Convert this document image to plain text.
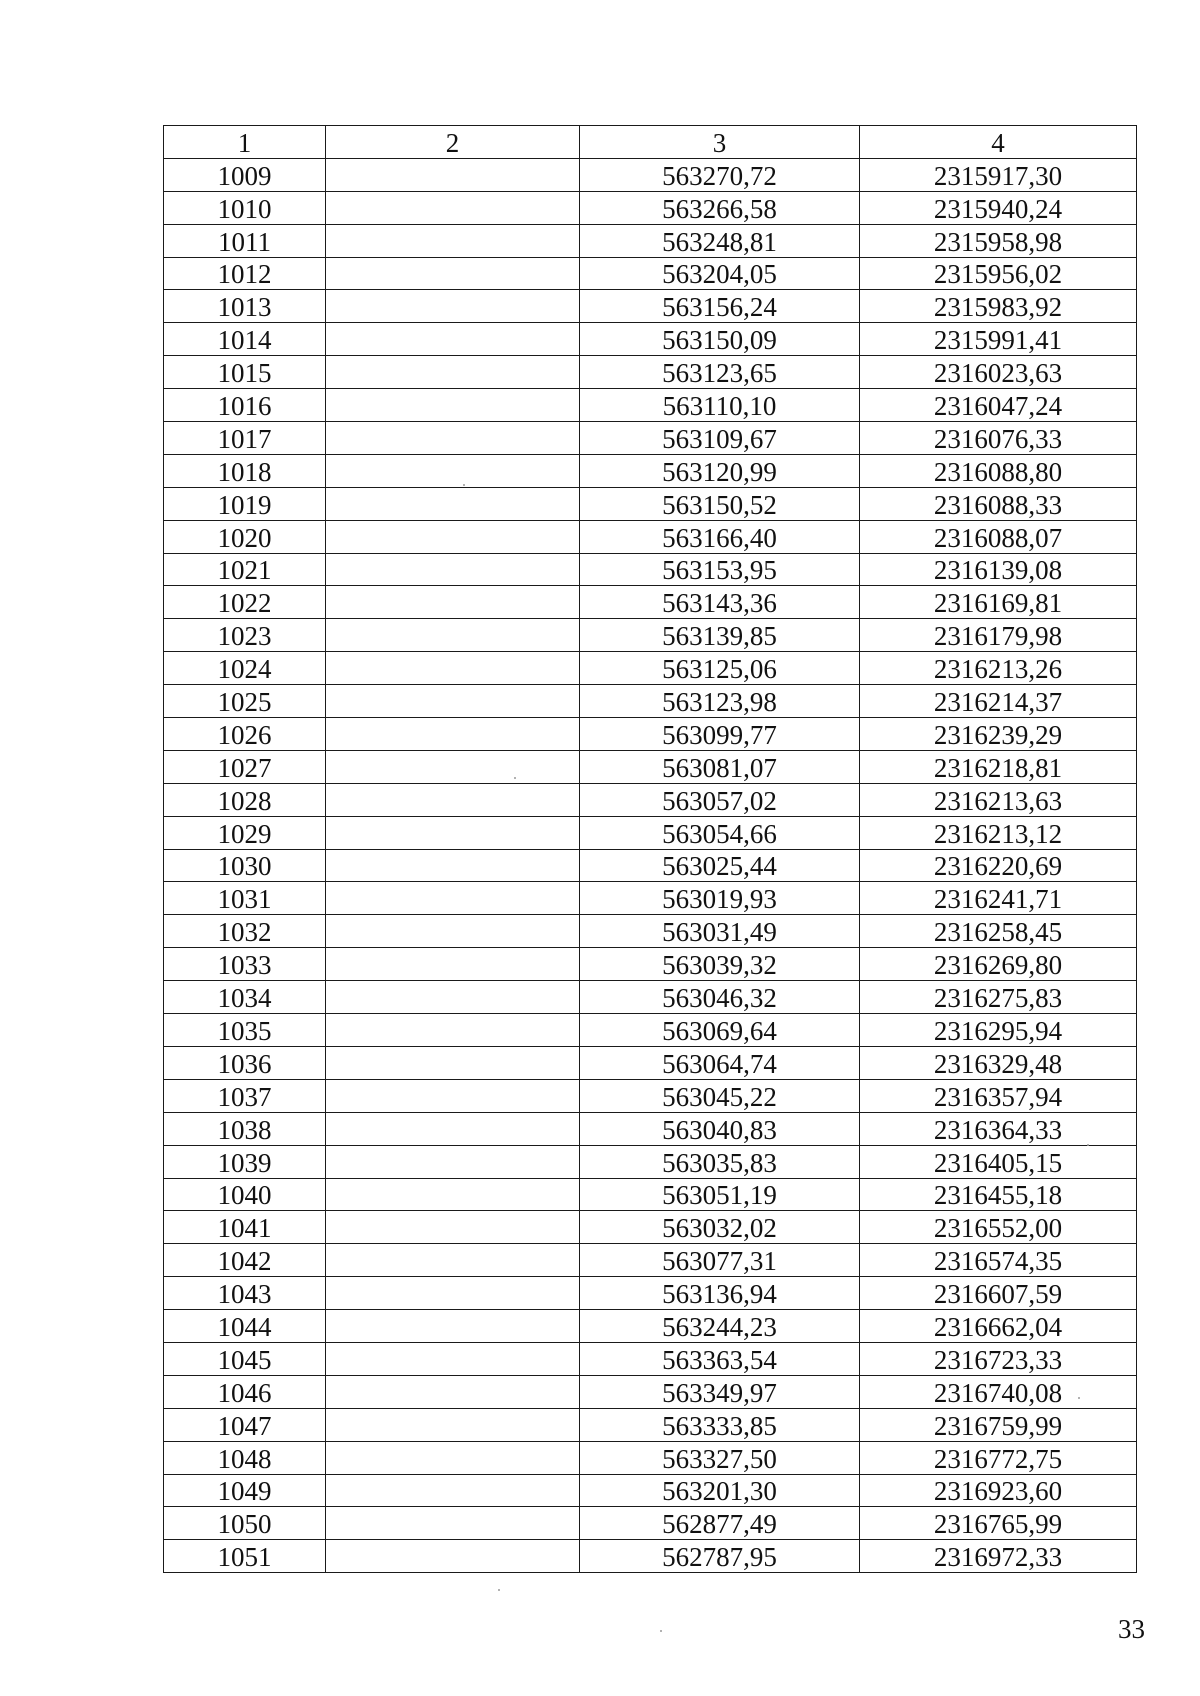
1	2	3	4
1009		563270,72	2315917,30
1010		563266,58	2315940,24
1011		563248,81	2315958,98
1012		563204,05	2315956,02
1013		563156,24	2315983,92
1014		563150,09	2315991,41
1015		563123,65	2316023,63
1016		563110,10	2316047,24
1017		563109,67	2316076,33
1018		563120,99	2316088,80
1019		563150,52	2316088,33
1020		563166,40	2316088,07
1021		563153,95	2316139,08
1022		563143,36	2316169,81
1023		563139,85	2316179,98
1024		563125,06	2316213,26
1025		563123,98	2316214,37
1026		563099,77	2316239,29
1027		563081,07	2316218,81
1028		563057,02	2316213,63
1029		563054,66	2316213,12
1030		563025,44	2316220,69
1031		563019,93	2316241,71
1032		563031,49	2316258,45
1033		563039,32	2316269,80
1034		563046,32	2316275,83
1035		563069,64	2316295,94
1036		563064,74	2316329,48
1037		563045,22	2316357,94
1038		563040,83	2316364,33
1039		563035,83	2316405,15
1040		563051,19	2316455,18
1041		563032,02	2316552,00
1042		563077,31	2316574,35
1043		563136,94	2316607,59
1044		563244,23	2316662,04
1045		563363,54	2316723,33
1046		563349,97	2316740,08
1047		563333,85	2316759,99
1048		563327,50	2316772,75
1049		563201,30	2316923,60
1050		562877,49	2316765,99
1051		562787,95	2316972,33
33
